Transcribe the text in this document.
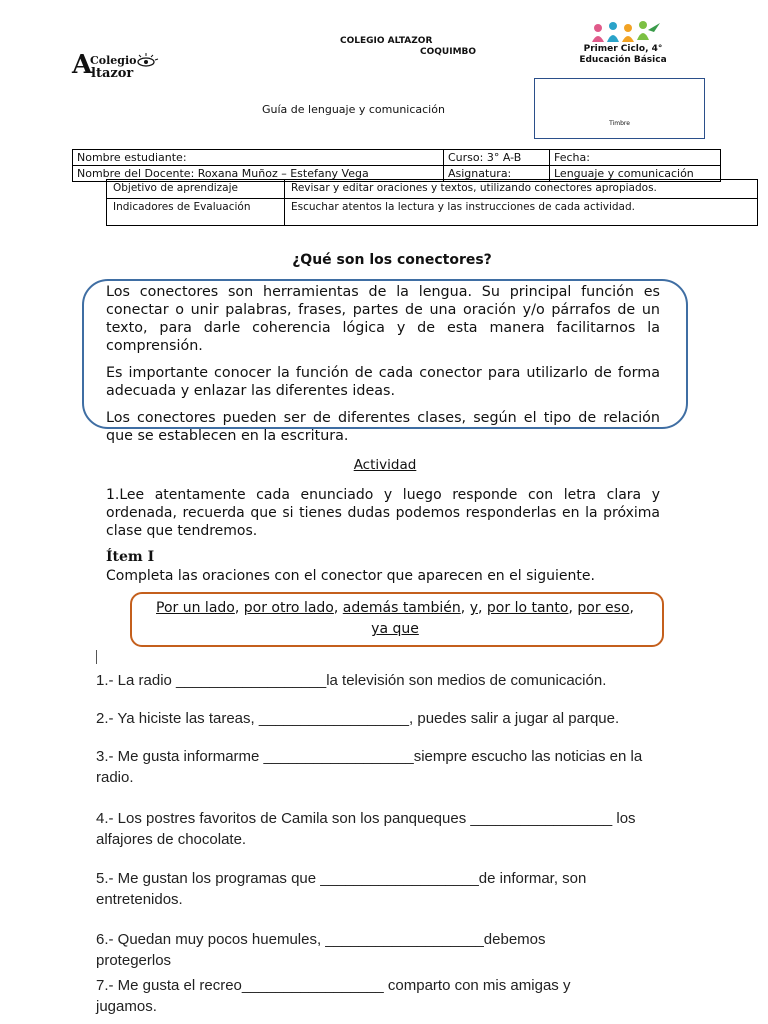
COLEGIO ALTAZOR
COQUIMBO
A
Colegio
ltazor
Primer Ciclo, 4°
Educación Básica
Guía de lenguaje y comunicación
Timbre
Nombre estudiante:	Curso: 3° A-B	Fecha:
Nombre del Docente: Roxana Muñoz – Estefany Vega	Asignatura:	Lenguaje y comunicación
Objetivo de aprendizaje	Revisar y editar oraciones y textos, utilizando conectores apropiados.
Indicadores de Evaluación	Escuchar atentos la lectura y las instrucciones de cada actividad.
¿Qué son los conectores?

Los conectores son herramientas de la lengua. Su principal función es conectar o unir palabras, frases, partes de una oración y/o párrafos de un texto, para darle coherencia lógica y de esta manera facilitarnos la comprensión.

Es importante conocer la función de cada conector para utilizarlo de forma adecuada y enlazar las diferentes ideas.

Los conectores pueden ser de diferentes clases, según el tipo de relación que se establecen en la escritura.

Actividad
1.Lee atentamente cada enunciado y luego responde con letra clara y ordenada, recuerda que si tienes dudas podemos responderlas en la próxima clase que tendremos.
Ítem I
Completa las oraciones con el conector que aparecen en el siguiente.
Por un lado, por otro lado, además también, y, por lo tanto, por eso, ya que
1.- La radio __________________la televisión son medios de comunicación.
2.- Ya hiciste las tareas, __________________, puedes salir a jugar al parque.
3.- Me gusta informarme __________________siempre escucho las noticias en la radio.
4.- Los postres favoritos de Camila son los panqueques _________________ los alfajores de chocolate.
5.- Me gustan los programas que ___________________de informar, son entretenidos.
6.- Quedan muy pocos huemules, ___________________debemos protegerlos
7.- Me gusta el recreo_________________ comparto con mis amigas y jugamos.
